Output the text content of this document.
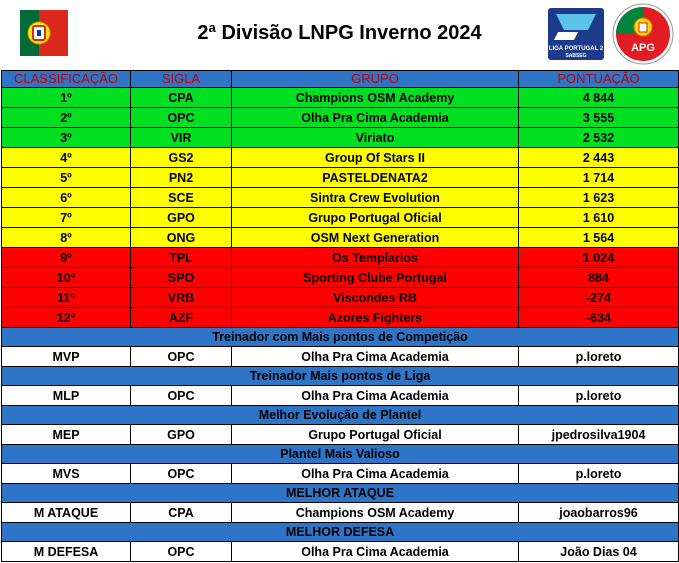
2ª Divisão LNPG Inverno 2024
LIGA PORTUGAL 2
SABSEG
APG
CLASSIFICAÇÃO	SIGLA	GRUPO	PONTUAÇÃO
1º	CPA	Champions OSM Academy	4 844
2º	OPC	Olha Pra Cima Academia	3 555
3º	VIR	Viriato	2 532
4º	GS2	Group Of Stars II	2 443
5º	PN2	PASTELDENATA2	1 714
6º	SCE	Sintra Crew Evolution	1 623
7º	GPO	Grupo Portugal Oficial	1 610
8º	ONG	OSM Next Generation	1 564
9º	TPL	Os Templarios	1 024
10º	SPO	Sporting Clube Portugal	884
11º	VRB	Viscondes RB	-274
12º	AZF	Azores Fighters	-634
Treinador com Mais pontos de Competição			
MVP	OPC	Olha Pra Cima Academia	p.loreto
Treinador Mais pontos de Liga			
MLP	OPC	Olha Pra Cima Academia	p.loreto
Melhor Evolução de Plantel			
MEP	GPO	Grupo Portugal Oficial	jpedrosilva1904
Plantel Mais Valioso			
MVS	OPC	Olha Pra Cima Academia	p.loreto
MELHOR ATAQUE			
M ATAQUE	CPA	Champions OSM Academy	joaobarros96
MELHOR DEFESA			
M DEFESA	OPC	Olha Pra Cima Academia	João Dias 04
